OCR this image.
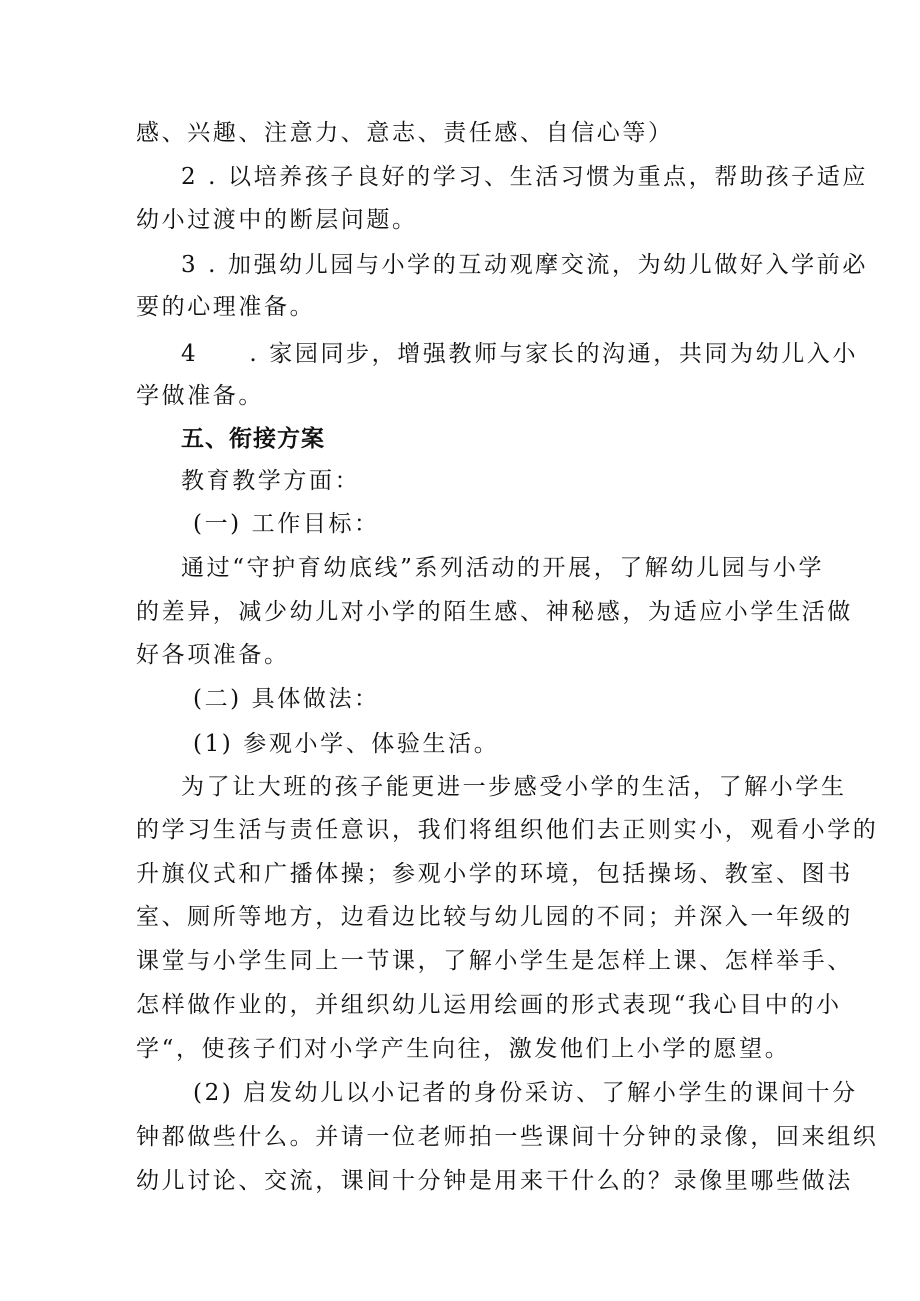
感、兴趣、注意力、意志、责任感、自信心等）
2 . 以培养孩子良好的学习、生活习惯为重点，帮助孩子适应
幼小过渡中的断层问题。
3 . 加强幼儿园与小学的互动观摩交流，为幼儿做好入学前必
要的心理准备。
4　　. 家园同步，增强教师与家长的沟通，共同为幼儿入小
学做准备。
五、衔接方案
教育教学方面：
(一) 工作目标：
通过“守护育幼底线”系列活动的开展，了解幼儿园与小学
的差异，减少幼儿对小学的陌生感、神秘感，为适应小学生活做
好各项准备。
(二) 具体做法：
(1) 参观小学、体验生活。
为了让大班的孩子能更进一步感受小学的生活，了解小学生
的学习生活与责任意识，我们将组织他们去正则实小，观看小学的
升旗仪式和广播体操；参观小学的环境，包括操场、教室、图书
室、厕所等地方，边看边比较与幼儿园的不同；并深入一年级的
课堂与小学生同上一节课，了解小学生是怎样上课、怎样举手、
怎样做作业的，并组织幼儿运用绘画的形式表现“我心目中的小
学“，使孩子们对小学产生向往，激发他们上小学的愿望。
(2) 启发幼儿以小记者的身份采访、了解小学生的课间十分
钟都做些什么。并请一位老师拍一些课间十分钟的录像，回来组织
幼儿讨论、交流，课间十分钟是用来干什么的？录像里哪些做法
